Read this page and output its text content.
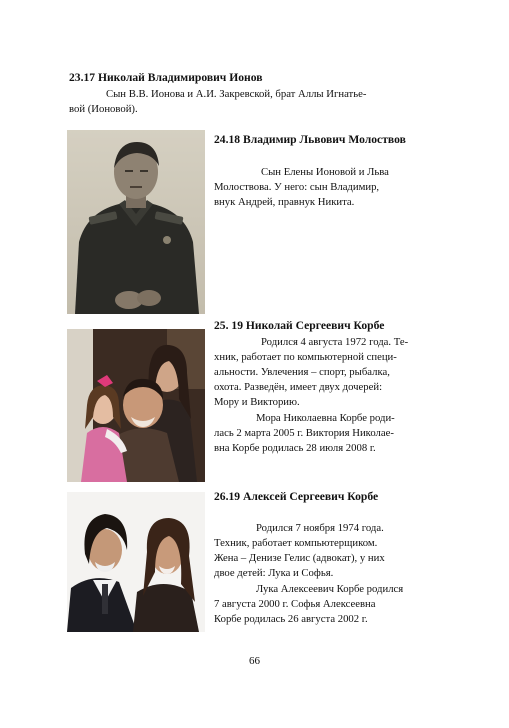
23.17 Николай Владимирович Ионов
Сын В.В. Ионова и А.И. Закревской, брат Аллы Игнатье-
вой (Ионовой).
24.18 Владимир Львович Молоствов
Сын Елены Ионовой и Льва
Молоствова. У него: сын Владимир,
внук Андрей, правнук Никита.
25. 19 Николай Сергеевич Корбе
Родился 4 августа 1972 года. Те-
хник, работает по компьютерной специ-
альности. Увлечения – спорт, рыбалка,
охота. Разведён, имеет двух дочерей:
Мору и Викторию.
Мора Николаевна Корбе роди-
лась 2 марта 2005 г. Виктория Николае-
вна Корбе родилась 28 июля 2008 г.
26.19 Алексей Сергеевич Корбе
Родился 7 ноября 1974 года.
Техник, работает компьютерщиком.
Жена – Денизе Гелис (адвокат), у них
двое детей: Лука и Софья.
Лука Алексеевич Корбе родился
7 августа 2000 г. Софья Алексеевна
Корбе родилась 26 августа 2002 г.
66
